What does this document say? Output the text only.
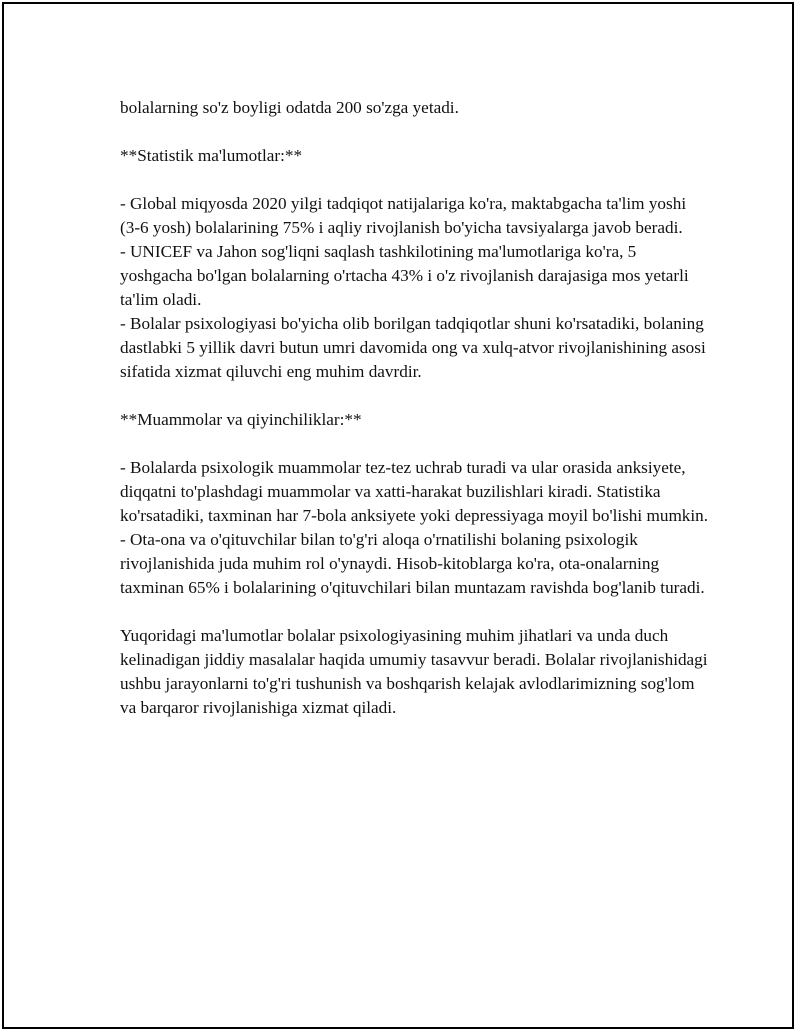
bolalarning so'z boyligi odatda 200 so'zga yetadi.

**Statistik ma'lumotlar:**

- Global miqyosda 2020 yilgi tadqiqot natijalariga ko'ra, maktabgacha ta'lim yoshi (3-6 yosh) bolalarining 75% i aqliy rivojlanish bo'yicha tavsiyalarga javob beradi.

- UNICEF va Jahon sog'liqni saqlash tashkilotining ma'lumotlariga ko'ra, 5 yoshgacha bo'lgan bolalarning o'rtacha 43% i o'z rivojlanish darajasiga mos yetarli ta'lim oladi.

- Bolalar psixologiyasi bo'yicha olib borilgan tadqiqotlar shuni ko'rsatadiki, bolaning dastlabki 5 yillik davri butun umri davomida ong va xulq-atvor rivojlanishining asosi sifatida xizmat qiluvchi eng muhim davrdir.

**Muammolar va qiyinchiliklar:**

- Bolalarda psixologik muammolar tez-tez uchrab turadi va ular orasida anksiyete, diqqatni to'plashdagi muammolar va xatti-harakat buzilishlari kiradi. Statistika ko'rsatadiki, taxminan har 7-bola anksiyete yoki depressiyaga moyil bo'lishi mumkin.

- Ota-ona va o'qituvchilar bilan to'g'ri aloqa o'rnatilishi bolaning psixologik rivojlanishida juda muhim rol o'ynaydi. Hisob-kitoblarga ko'ra, ota-onalarning taxminan 65% i bolalarining o'qituvchilari bilan muntazam ravishda bog'lanib turadi.

Yuqoridagi ma'lumotlar bolalar psixologiyasining muhim jihatlari va unda duch kelinadigan jiddiy masalalar haqida umumiy tasavvur beradi. Bolalar rivojlanishidagi ushbu jarayonlarni to'g'ri tushunish va boshqarish kelajak avlodlarimizning sog'lom va barqaror rivojlanishiga xizmat qiladi.
